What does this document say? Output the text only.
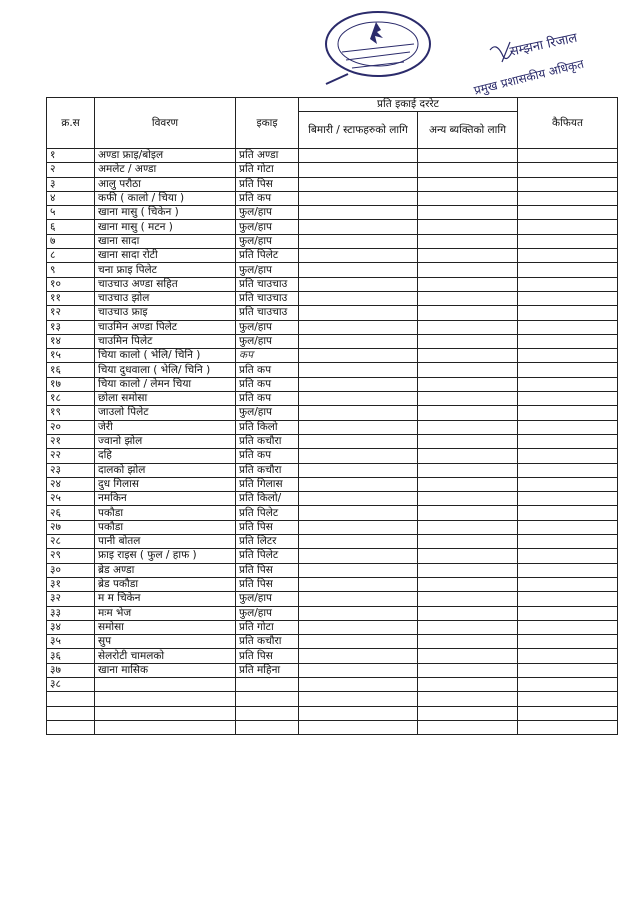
सम्झना रिजाल
प्रमुख प्रशासकीय अधिकृत
क्र.स	विवरण	इकाइ	प्रति इकाई दररेट		कैफियत
			बिमारी / स्टाफहरुको लागि	अन्य ब्यक्तिको लागि	
१	अण्डा फ्राइ/बोइल	प्रति अण्डा			
२	अमलेट / अण्डा	प्रति गोटा			
३	आलु परौठा	प्रति पिस			
४	कफी ( कालो / चिया )	प्रति कप			
५	खाना मासु ( चिकेन )	फुल/हाप			
६	खाना मासु ( मटन )	फुल/हाप			
७	खाना सादा	फुल/हाप			
८	खाना सादा रोटी	प्रति पिलेट			
९	चना फ्राइ पिलेट	फुल/हाप			
१०	चाउचाउ अण्डा सहित	प्रति चाउचाउ			
११	चाउचाउ झोल	प्रति चाउचाउ			
१२	चाउचाउ फ्राइ	प्रति चाउचाउ			
१३	चाउमिन अण्डा पिलेट	फुल/हाप			
१४	चाउमिन पिलेट	फुल/हाप			
१५	चिया कालो ( भेलि/ चिनि )	कप			
१६	चिया दुधवाला ( भेलि/ चिनि )	प्रति कप			
१७	चिया कालो / लेमन चिया	प्रति कप			
१८	छोला समोसा	प्रति कप			
१९	जाउलो पिलेट	फुल/हाप			
२०	जेरी	प्रति किलो			
२१	ज्वानो झोल	प्रति कचौरा			
२२	दहि	प्रति कप			
२३	दालको झोल	प्रति कचौरा			
२४	दुध गिलास	प्रति गिलास			
२५	नमकिन	प्रति किलो/			
२६	पकौडा	प्रति पिलेट			
२७	पकौडा	प्रति पिस			
२८	पानी बोतल	प्रति लिटर			
२९	फ्राइ राइस ( फुल / हाफ )	प्रति पिलेट			
३०	ब्रेड अण्डा	प्रति पिस			
३१	ब्रेड पकौडा	प्रति पिस			
३२	म म चिकेन	फुल/हाप			
३३	मःम भेज	फुल/हाप			
३४	समोसा	प्रति गोटा			
३५	सुप	प्रति कचौरा			
३६	सेलरोटी चामलको	प्रति पिस			
३७	खाना मासिक	प्रति महिना			
३८					
